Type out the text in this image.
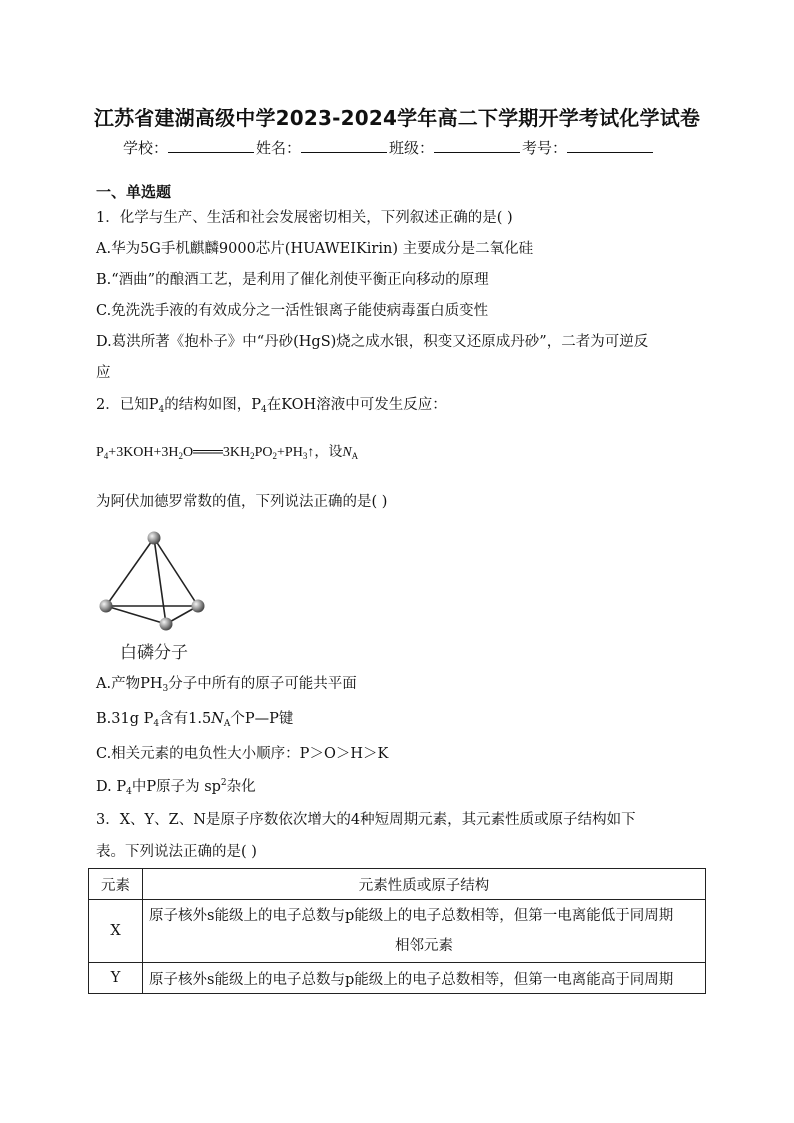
江苏省建湖高级中学2023-2024学年高二下学期开学考试化学试卷
学校：	姓名：	班级：	考号：
一、单选题
1．化学与生产、生活和社会发展密切相关，下列叙述正确的是( )
A.华为5G手机麒麟9000芯片(HUAWEIKirin) 主要成分是二氧化硅
B.“酒曲”的酿酒工艺，是利用了催化剂使平衡正向移动的原理
C.免洗洗手液的有效成分之一活性银离子能使病毒蛋白质变性
D.葛洪所著《抱朴子》中“丹砂(HgS)烧之成水银，积变又还原成丹砂”，二者为可逆反
应
2．已知$P_4$的结构如图，$P_4$在KOH溶液中可发生反应：
$P_4+3KOH+3H_2O═══3KH_2PO_2+PH_3↑$，设$N_A$
为阿伏加德罗常数的值，下列说法正确的是( )
白磷分子
A.产物$PH_3$分子中所有的原子可能共平面
B.31g $P_4$含有$1.5N_A$个P—P键
C.相关元素的电负性大小顺序：P＞O＞H＞K
D. $P_4$中P原子为 $sp^2$杂化
3．X、Y、Z、N是原子序数依次增大的4种短周期元素，其元素性质或原子结构如下
表。下列说法正确的是( )
元素	元素性质或原子结构
X	原子核外s能级上的电子总数与p能级上的电子总数相等，但第一电离能低于同周期
相邻元素

Y	原子核外s能级上的电子总数与p能级上的电子总数相等，但第一电离能高于同周期
